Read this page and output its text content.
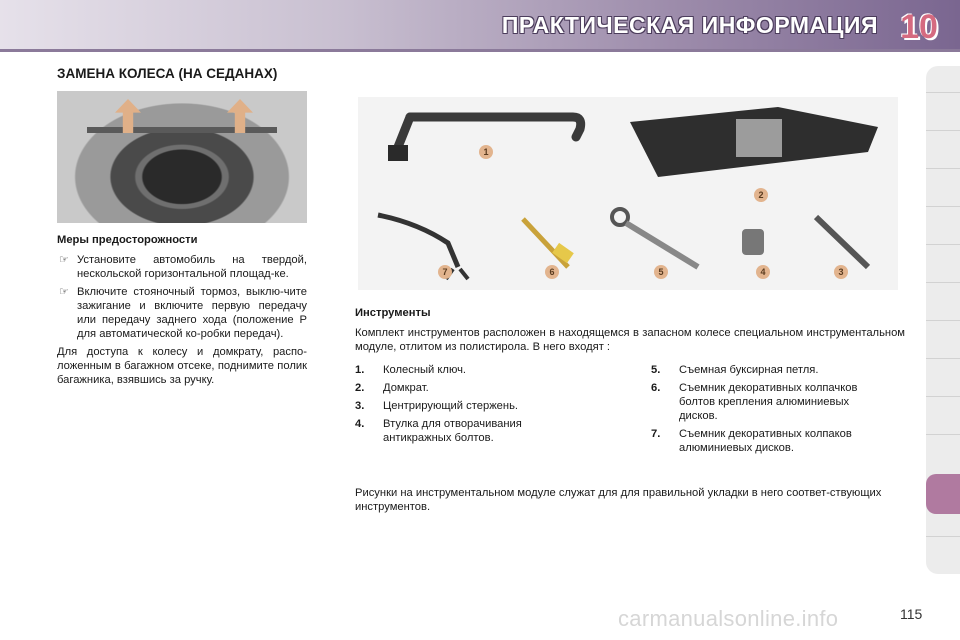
ПРАКТИЧЕСКАЯ ИНФОРМАЦИЯ 10
ЗАМЕНА КОЛЕСА (НА СЕДАНАХ)
Меры предосторожности
☞ Установите автомобиль на твердой, нескольской горизонтальной площад-ке.
☞ Включите стояночный тормоз, выклю-чите зажигание и включите первую передачу или передачу заднего хода (положение P для автоматической ко-робки передач).

Для доступа к колесу и домкрату, распо-ложенным в багажном отсеке, поднимите полик багажника, взявшись за ручку.

1
2
7	6	5	4	3
Инструменты

Комплект инструментов расположен в находящемся в запасном колесе специальном инструментальном модуле, отлитом из полистирола. В него входят :

1.	Колесный ключ.
2.	Домкрат.
3.	Центрирующий стержень.
4.	Втулка для отворачивания антикражных болтов.
5.	Съемная буксирная петля.
6.	Съемник декоративных колпачков болтов крепления алюминиевых дисков.
7.	Съемник декоративных колпаков алюминиевых дисков.
Рисунки на инструментальном модуле служат для для правильной укладки в него соответ-ствующих инструментов.
carmanualsonline.info	115
